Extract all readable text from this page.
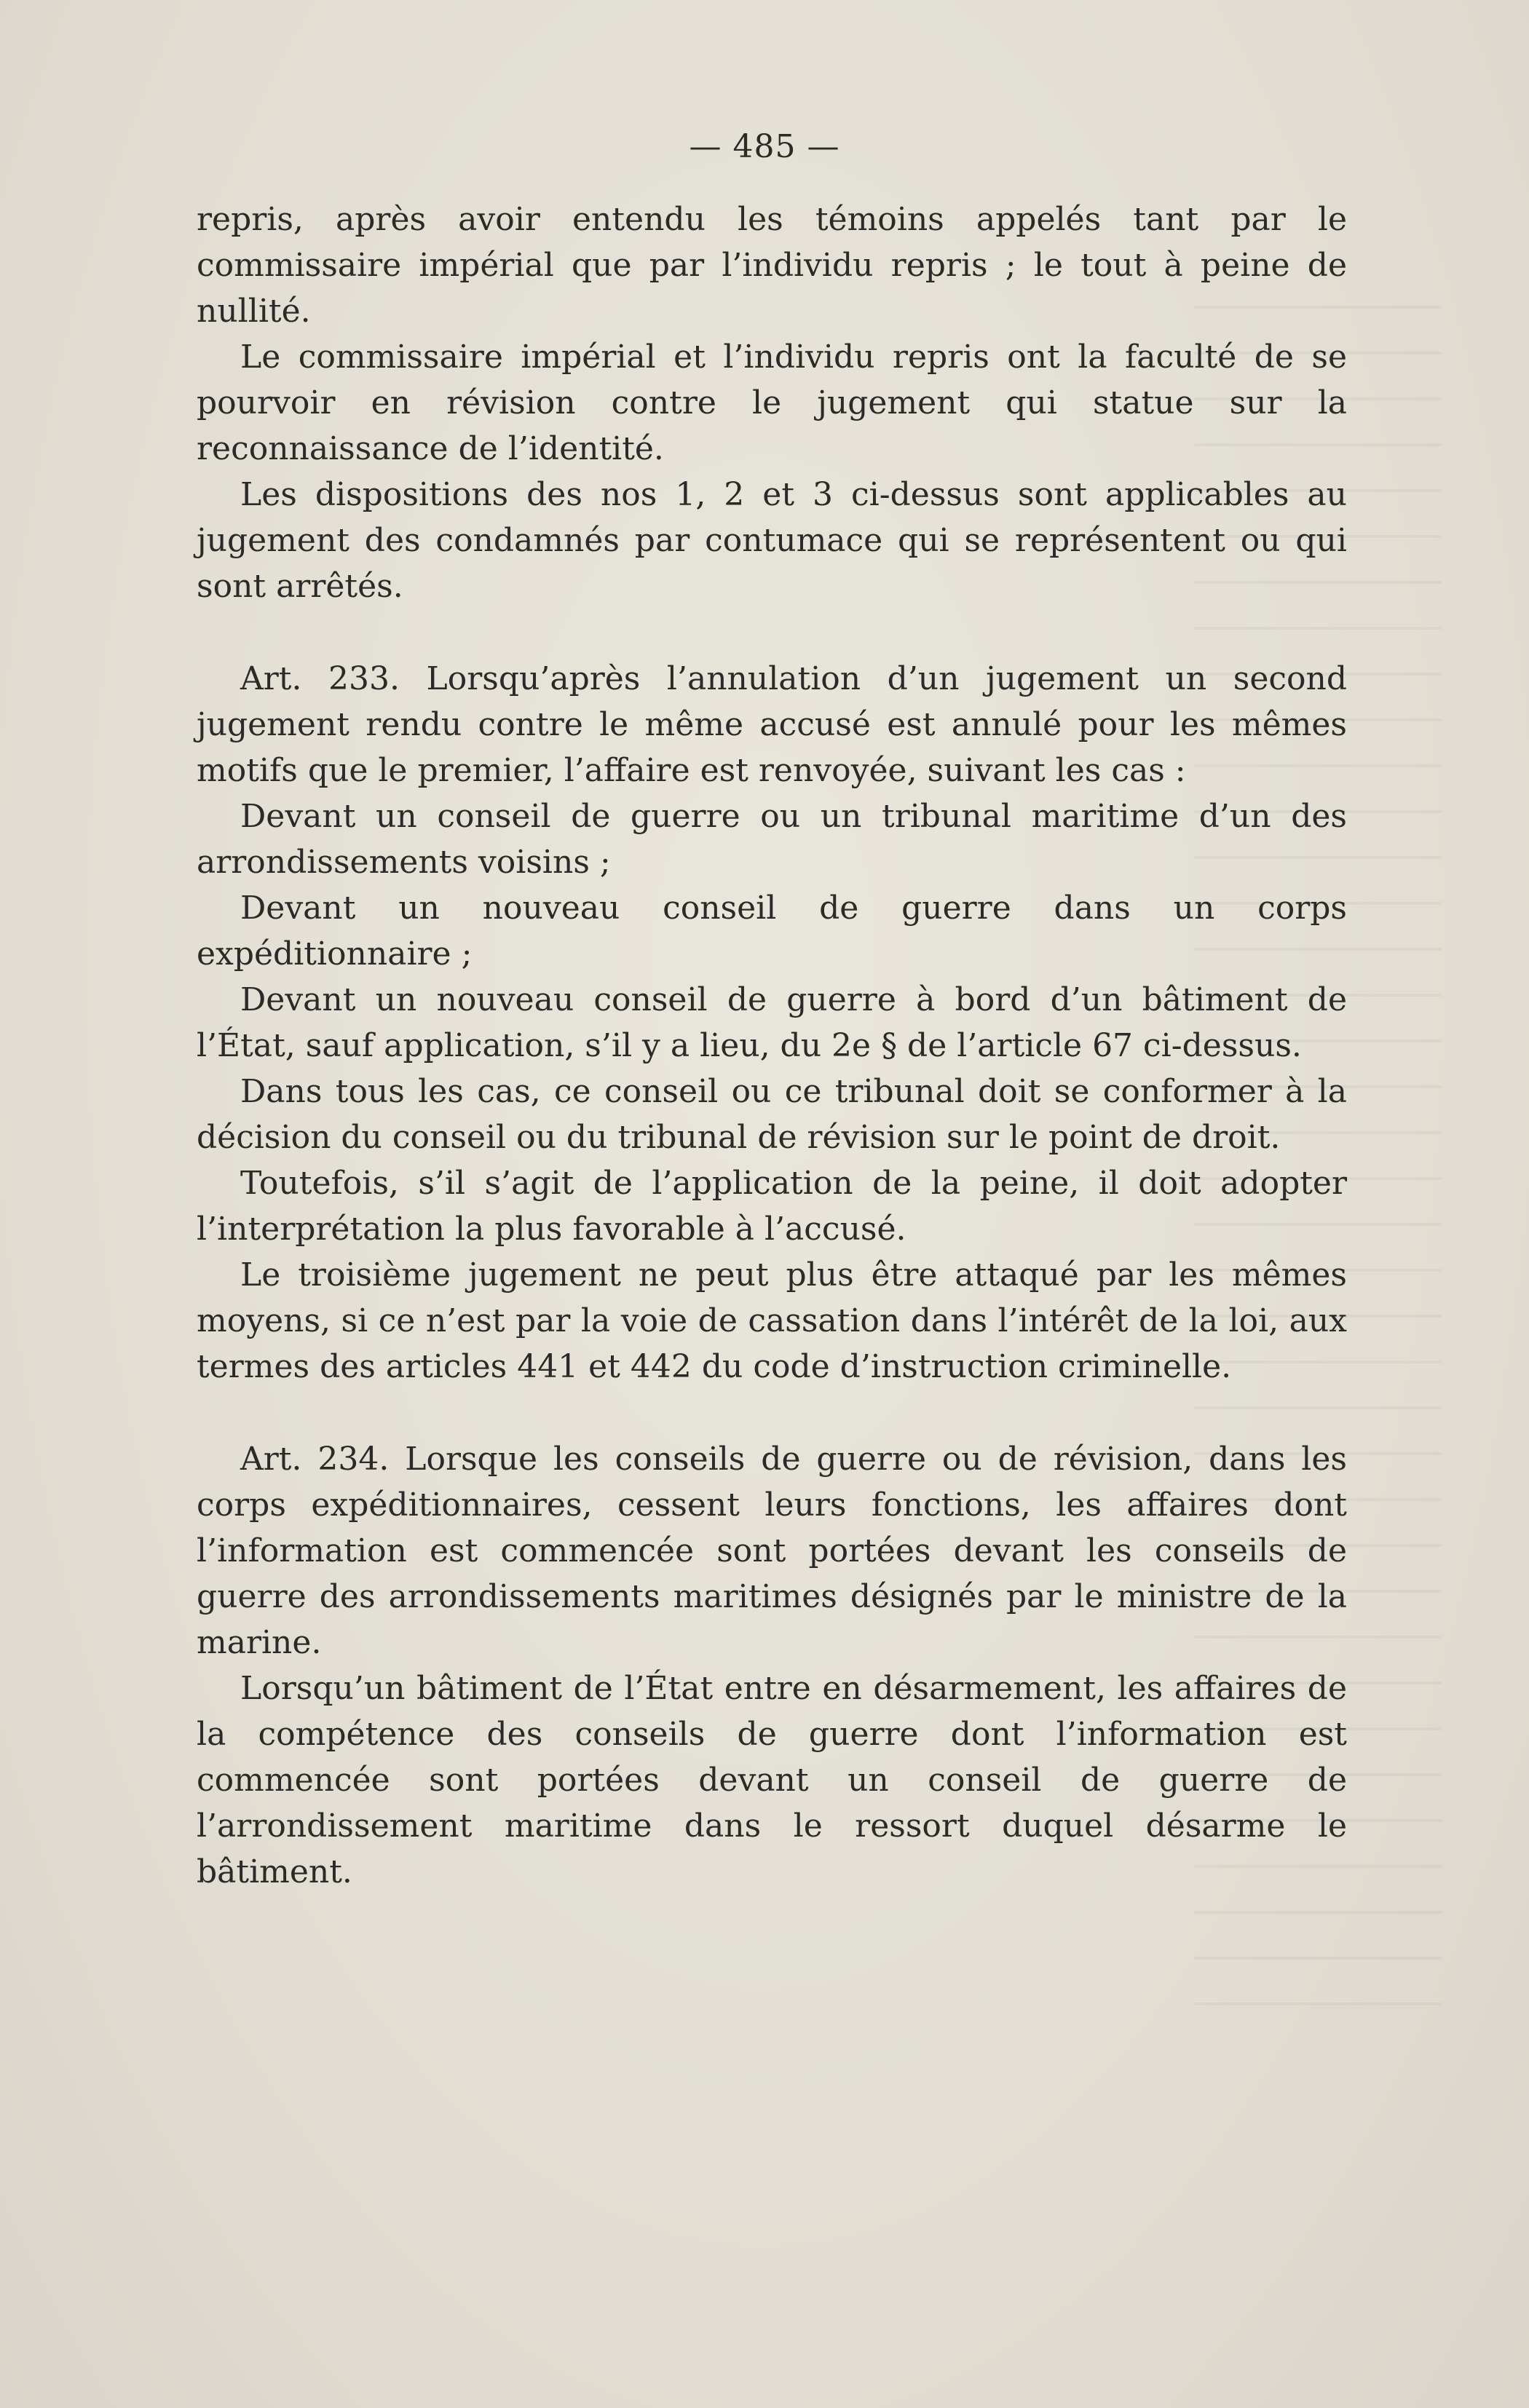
— 485 —

repris, après avoir entendu les témoins appelés tant par le commissaire impérial que par l’individu repris ; le tout à peine de nullité.

Le commissaire impérial et l’individu repris ont la faculté de se pourvoir en révision contre le jugement qui statue sur la reconnaissance de l’identité.

Les dispositions des nos 1, 2 et 3 ci-dessus sont applicables au jugement des condamnés par contumace qui se représentent ou qui sont arrêtés.

Art. 233. Lorsqu’après l’annulation d’un jugement un second jugement rendu contre le même accusé est annulé pour les mêmes motifs que le premier, l’affaire est renvoyée, suivant les cas :

Devant un conseil de guerre ou un tribunal maritime d’un des arrondissements voisins ;

Devant un nouveau conseil de guerre dans un corps expéditionnaire ;

Devant un nouveau conseil de guerre à bord d’un bâtiment de l’État, sauf application, s’il y a lieu, du 2e § de l’article 67 ci-dessus.

Dans tous les cas, ce conseil ou ce tribunal doit se conformer à la décision du conseil ou du tribunal de révision sur le point de droit.

Toutefois, s’il s’agit de l’application de la peine, il doit adopter l’interprétation la plus favorable à l’accusé.

Le troisième jugement ne peut plus être attaqué par les mêmes moyens, si ce n’est par la voie de cassation dans l’intérêt de la loi, aux termes des articles 441 et 442 du code d’instruction criminelle.

Art. 234. Lorsque les conseils de guerre ou de révision, dans les corps expéditionnaires, cessent leurs fonctions, les affaires dont l’information est commencée sont portées devant les conseils de guerre des arrondissements maritimes désignés par le ministre de la marine.

Lorsqu’un bâtiment de l’État entre en désarmement, les affaires de la compétence des conseils de guerre dont l’information est commencée sont portées devant un conseil de guerre de l’arrondissement maritime dans le ressort duquel désarme le bâtiment.
